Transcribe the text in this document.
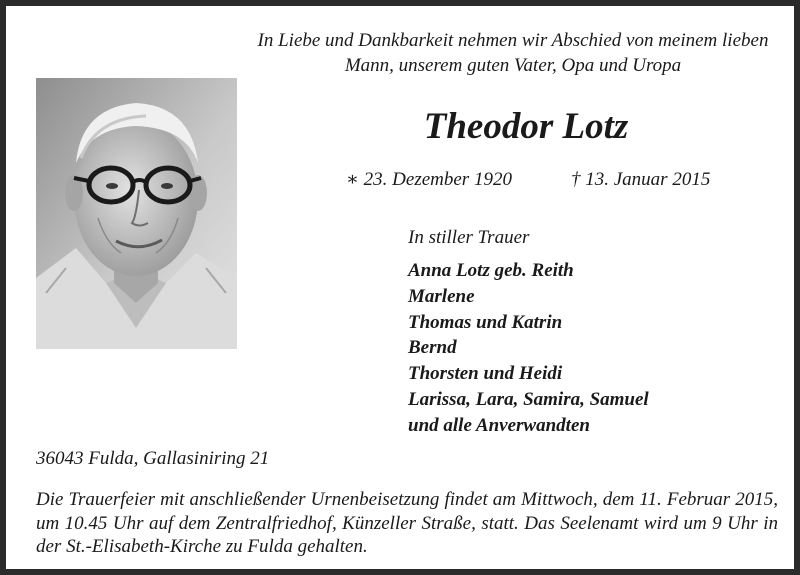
In Liebe und Dankbarkeit nehmen wir Abschied von meinem lieben Mann, unserem guten Vater, Opa und Uropa
Theodor Lotz
∗ 23. Dezember 1920	† 13. Januar 2015
In stiller Trauer
Anna Lotz geb. Reith
Marlene
Thomas und Katrin
Bernd
Thorsten und Heidi
Larissa, Lara, Samira, Samuel
und alle Anverwandten
36043 Fulda, Gallasiniring 21

Die Trauerfeier mit anschließender Urnenbeisetzung findet am Mittwoch, dem 11. Februar 2015, um 10.45 Uhr auf dem Zentralfriedhof, Künzeller Straße, statt. Das Seelenamt wird um 9 Uhr in der St.-Elisabeth-Kirche zu Fulda gehalten.
